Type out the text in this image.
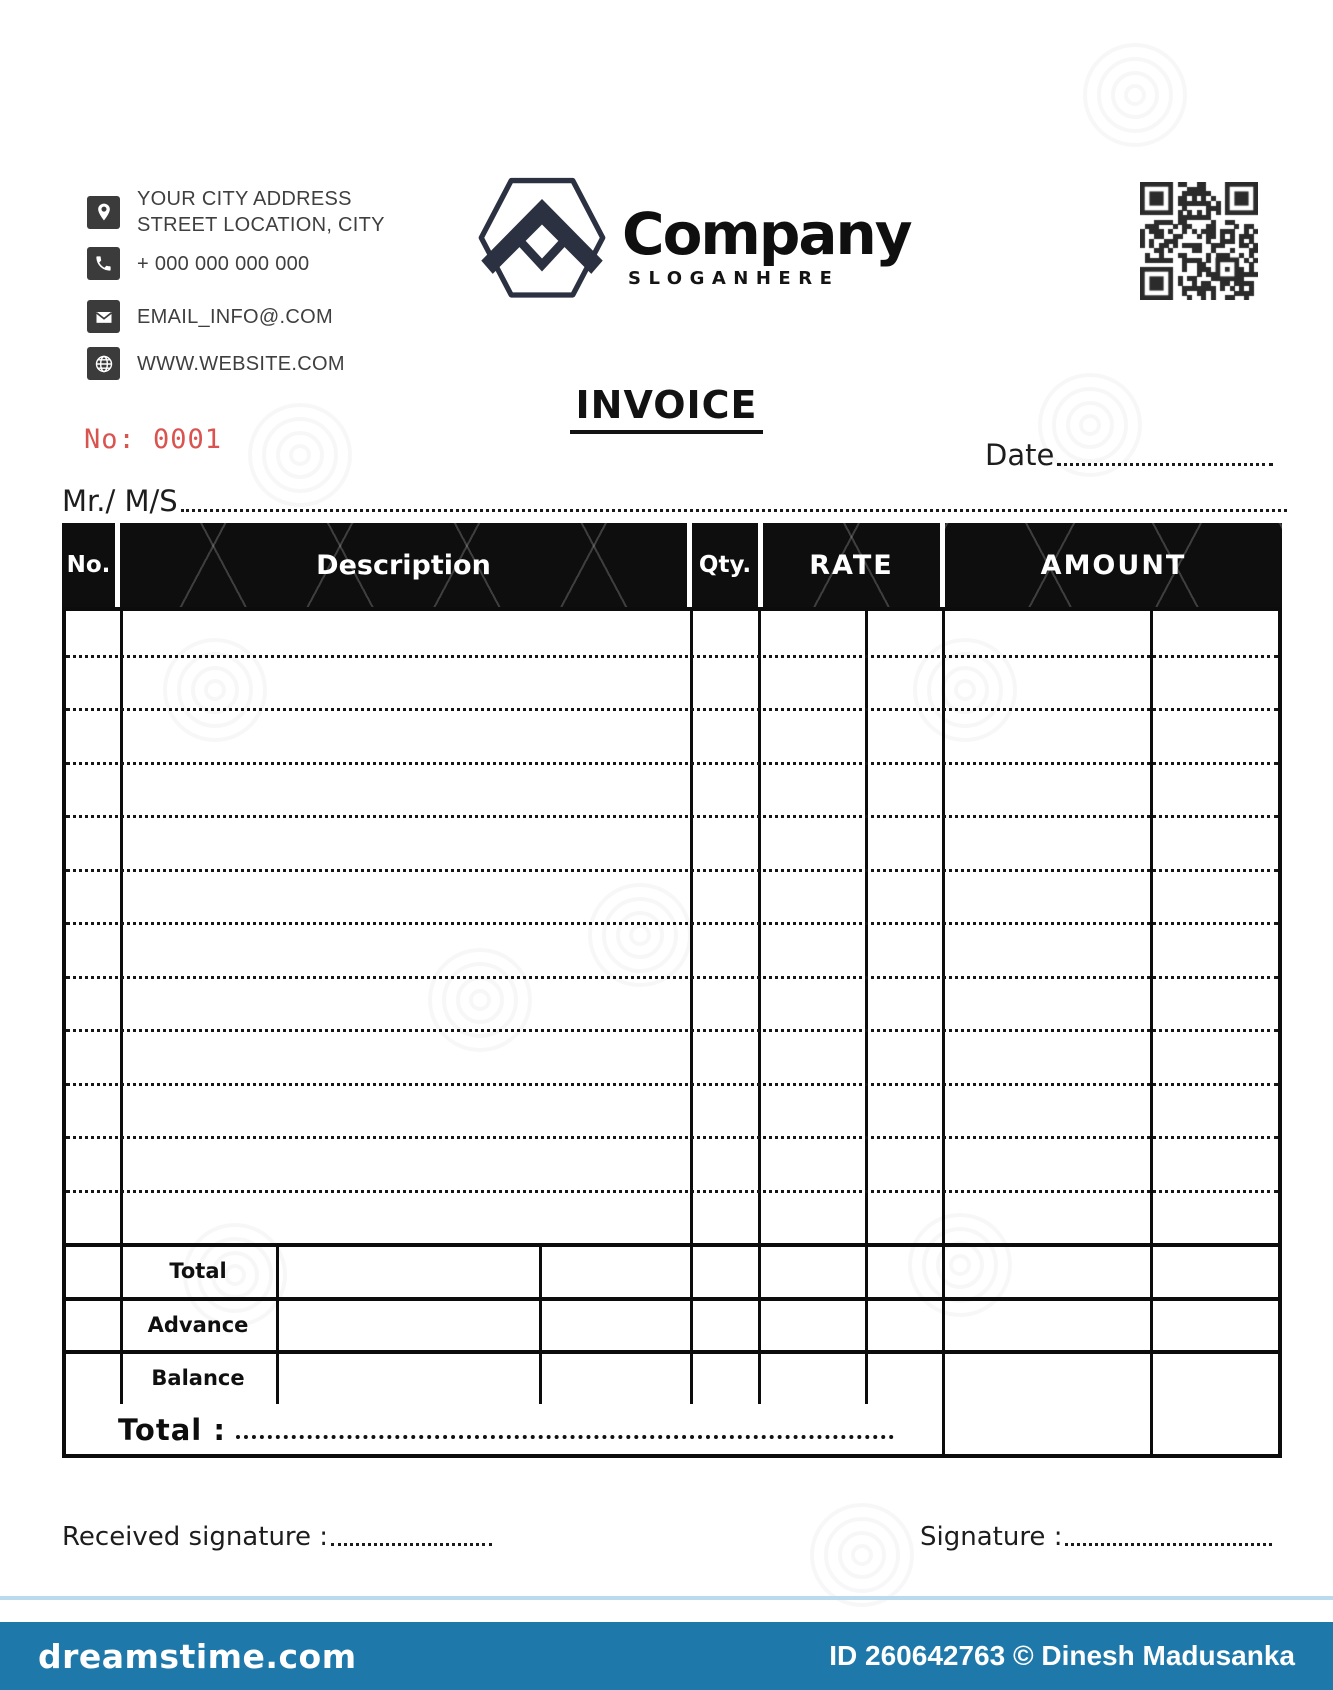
YOUR CITY ADDRESS
STREET LOCATION, CITY
+ 000 000 000 000
EMAIL_INFO@.COM
WWW.WEBSITE.COM
Company
SLOGANHERE
INVOICE
No: 0001	Date
Mr./ M/S
No.	Description	Qty.	RATE	AMOUNT
Total
Advance
Balance
Total :
Received signature :	Signature :
dreamstime.com	ID 260642763 © Dinesh Madusanka
